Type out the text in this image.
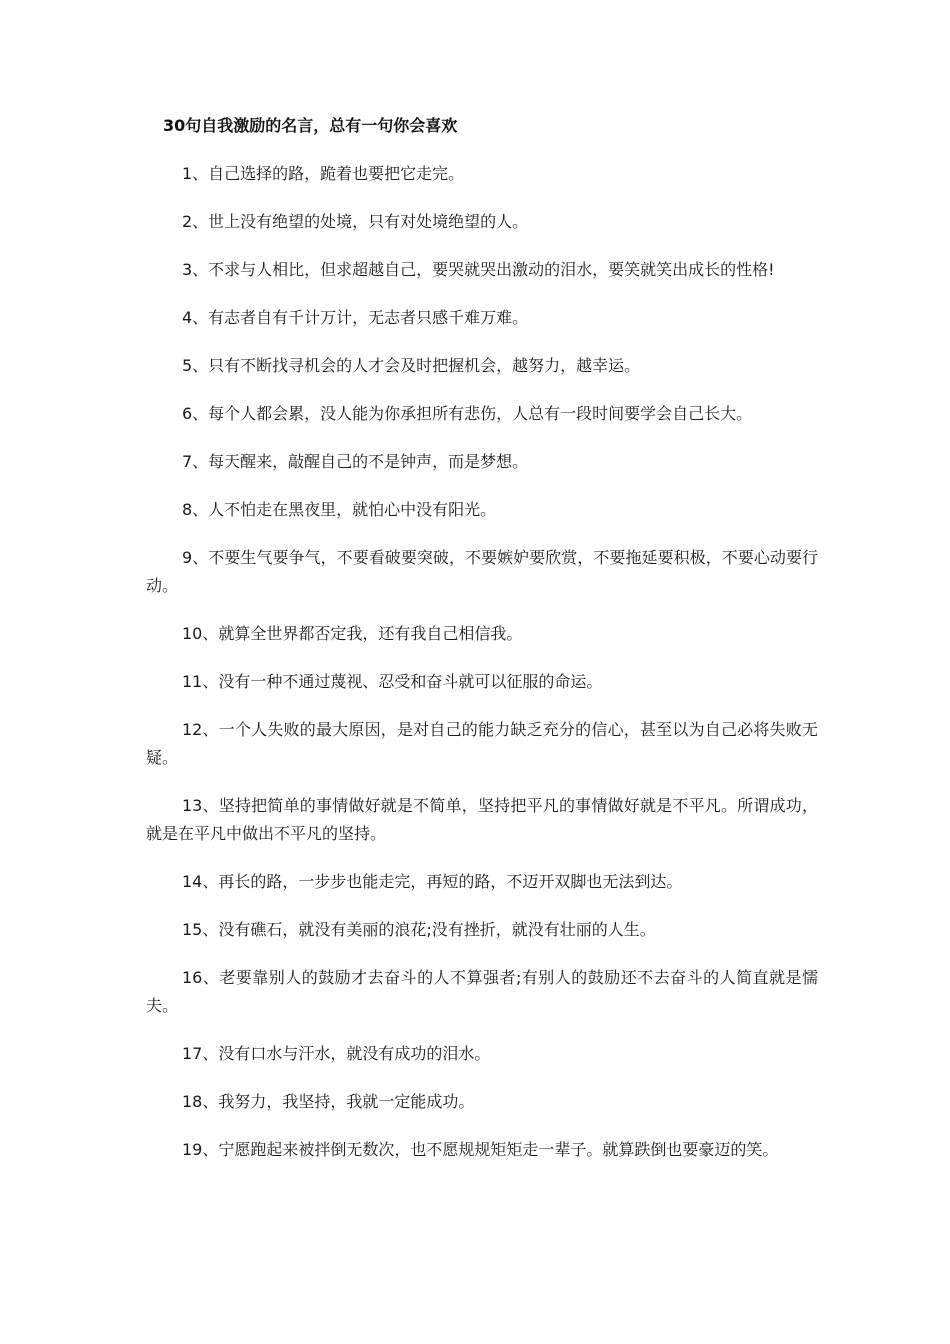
30句自我激励的名言，总有一句你会喜欢

1、自己选择的路，跪着也要把它走完。

2、世上没有绝望的处境，只有对处境绝望的人。

3、不求与人相比，但求超越自己，要哭就哭出激动的泪水，要笑就笑出成长的性格!

4、有志者自有千计万计，无志者只感千难万难。

5、只有不断找寻机会的人才会及时把握机会，越努力，越幸运。

6、每个人都会累，没人能为你承担所有悲伤，人总有一段时间要学会自己长大。

7、每天醒来，敲醒自己的不是钟声，而是梦想。

8、人不怕走在黑夜里，就怕心中没有阳光。

9、不要生气要争气，不要看破要突破，不要嫉妒要欣赏，不要拖延要积极，不要心动要行动。

10、就算全世界都否定我，还有我自己相信我。

11、没有一种不通过蔑视、忍受和奋斗就可以征服的命运。

12、一个人失败的最大原因，是对自己的能力缺乏充分的信心，甚至以为自己必将失败无疑。

13、坚持把简单的事情做好就是不简单，坚持把平凡的事情做好就是不平凡。所谓成功，就是在平凡中做出不平凡的坚持。

14、再长的路，一步步也能走完，再短的路，不迈开双脚也无法到达。

15、没有礁石，就没有美丽的浪花;没有挫折，就没有壮丽的人生。

16、老要靠别人的鼓励才去奋斗的人不算强者;有别人的鼓励还不去奋斗的人简直就是懦夫。

17、没有口水与汗水，就没有成功的泪水。

18、我努力，我坚持，我就一定能成功。

19、宁愿跑起来被拌倒无数次，也不愿规规矩矩走一辈子。就算跌倒也要豪迈的笑。
